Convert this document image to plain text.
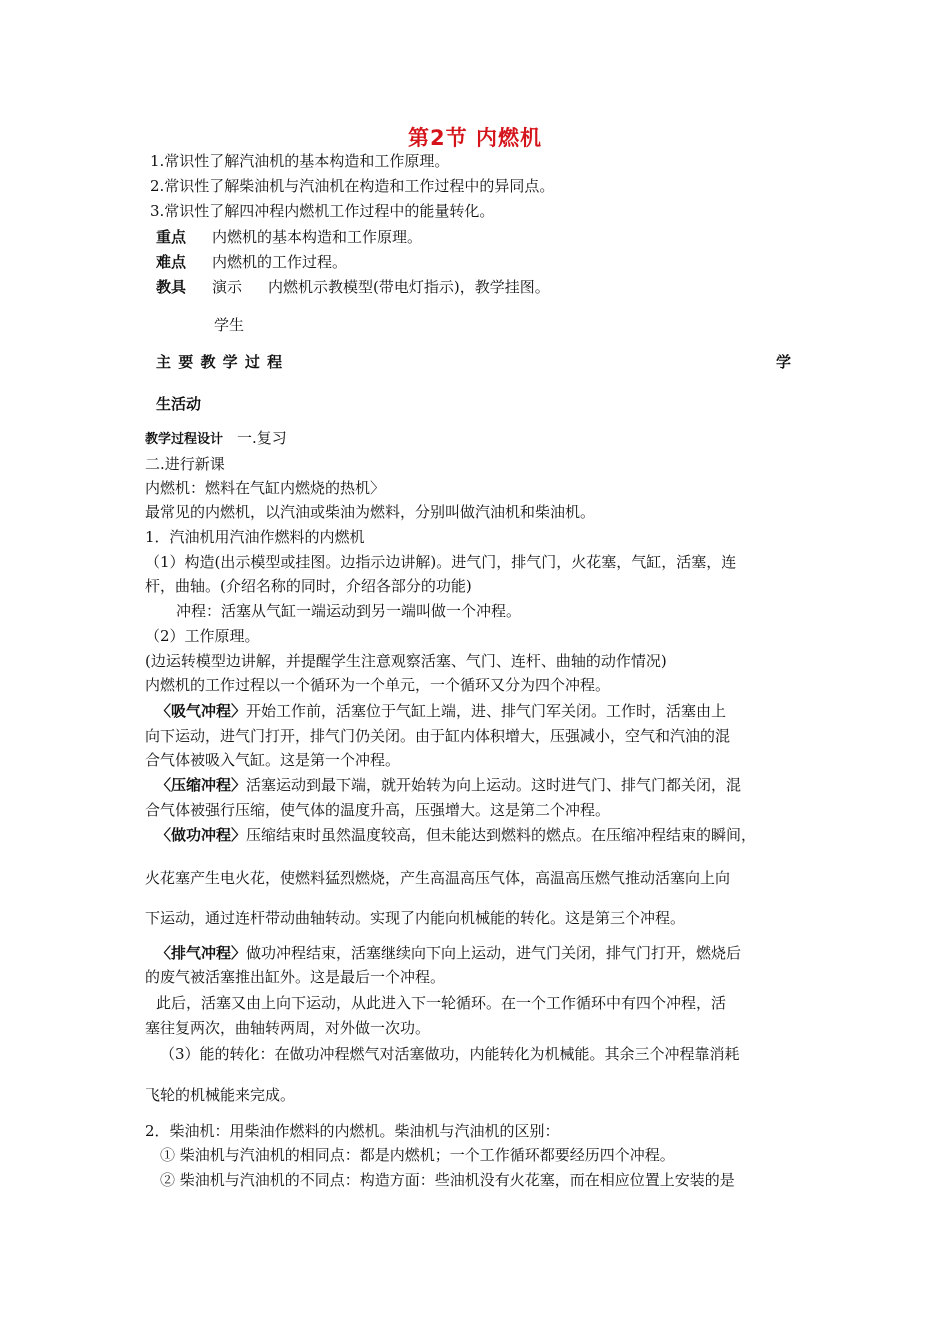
第2节 内燃机
1.常识性了解汽油机的基本构造和工作原理。
2.常识性了解柴油机与汽油机在构造和工作过程中的异同点。
3.常识性了解四冲程内燃机工作过程中的能量转化。
重点 内燃机的基本构造和工作原理。
难点 内燃机的工作过程。
教具 演示 内燃机示教模型(带电灯指示)，教学挂图。
学生
主 要 教 学 过 程	学
生活动
教学过程设计 一.复习
二.进行新课
内燃机：燃料在气缸内燃烧的热机〉
最常见的内燃机，以汽油或柴油为燃料，分别叫做汽油机和柴油机。
1．汽油机用汽油作燃料的内燃机
（1）构造(出示模型或挂图。边指示边讲解)。进气门，排气门，火花塞，气缸，活塞，连
杆，曲轴。(介绍名称的同时，介绍各部分的功能)
冲程：活塞从气缸一端运动到另一端叫做一个冲程。
（2）工作原理。
(边运转模型边讲解，并提醒学生注意观察活塞、气门、连杆、曲轴的动作情况)
内燃机的工作过程以一个循环为一个单元，一个循环又分为四个冲程。
〈吸气冲程〉开始工作前，活塞位于气缸上端，进、排气门军关闭。工作时，活塞由上
向下运动，进气门打开，排气门仍关闭。由于缸内体积增大，压强减小，空气和汽油的混
合气体被吸入气缸。这是第一个冲程。
〈压缩冲程〉活塞运动到最下端，就开始转为向上运动。这时进气门、排气门都关闭，混
合气体被强行压缩，使气体的温度升高，压强增大。这是第二个冲程。
〈做功冲程〉压缩结束时虽然温度较高，但未能达到燃料的燃点。在压缩冲程结束的瞬间，
火花塞产生电火花，使燃料猛烈燃烧，产生高温高压气体，高温高压燃气推动活塞向上向
下运动，通过连杆带动曲轴转动。实现了内能向机械能的转化。这是第三个冲程。
〈排气冲程〉做功冲程结束，活塞继续向下向上运动，进气门关闭，排气门打开，燃烧后
的废气被活塞推出缸外。这是最后一个冲程。
此后，活塞又由上向下运动，从此进入下一轮循环。在一个工作循环中有四个冲程，活
塞往复两次，曲轴转两周，对外做一次功。
（3）能的转化：在做功冲程燃气对活塞做功，内能转化为机械能。其余三个冲程靠消耗
飞轮的机械能来完成。
2．柴油机：用柴油作燃料的内燃机。柴油机与汽油机的区别：
① 柴油机与汽油机的相同点：都是内燃机；一个工作循环都要经历四个冲程。
② 柴油机与汽油机的不同点：构造方面：些油机没有火花塞，而在相应位置上安装的是
